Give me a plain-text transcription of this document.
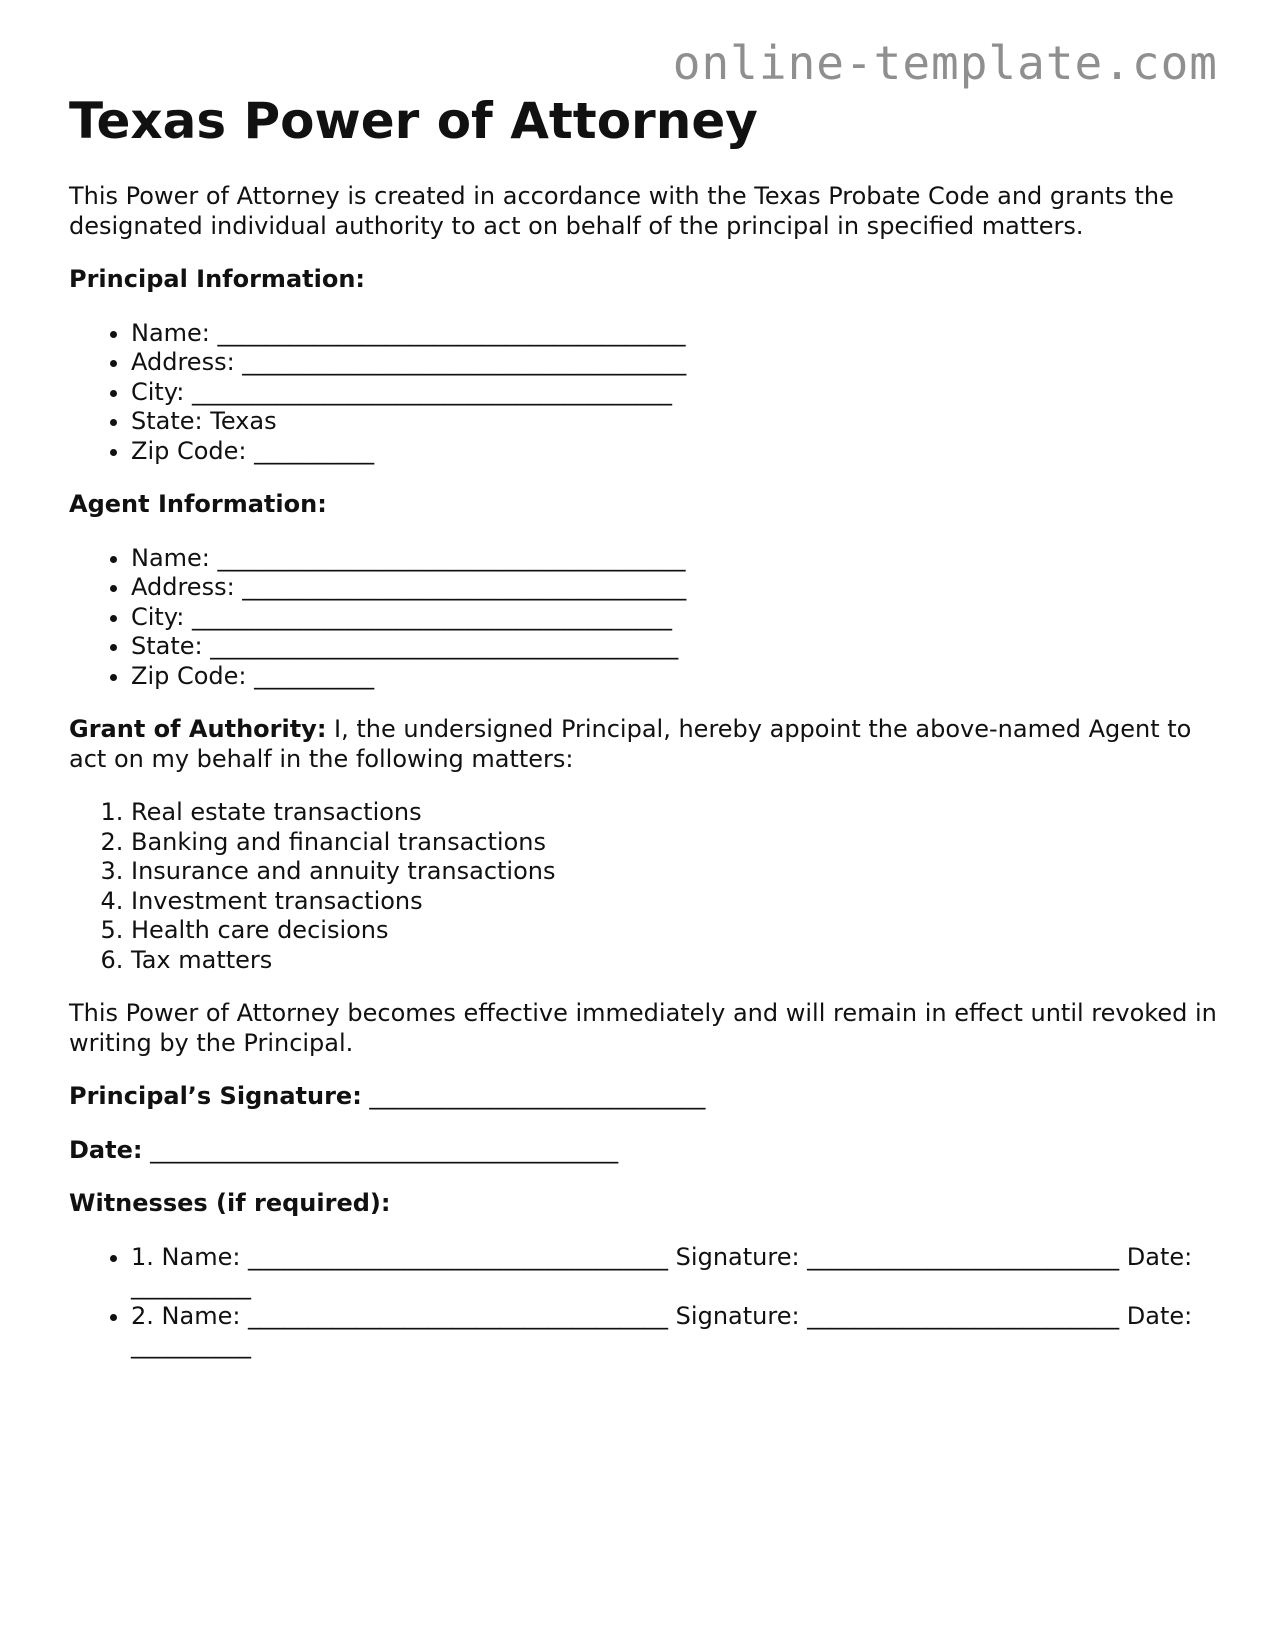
online-template.com
Texas Power of Attorney

This Power of Attorney is created in accordance with the Texas Probate Code and grants the designated individual authority to act on behalf of the principal in specified matters.

Principal Information:

• Name: _______________________________________
• Address: _____________________________________
• City: ________________________________________
• State: Texas
• Zip Code: __________

Agent Information:

• Name: _______________________________________
• Address: _____________________________________
• City: ________________________________________
• State: _______________________________________
• Zip Code: __________

Grant of Authority: I, the undersigned Principal, hereby appoint the above-named Agent to act on my behalf in the following matters:

1. Real estate transactions
2. Banking and financial transactions
3. Insurance and annuity transactions
4. Investment transactions
5. Health care decisions
6. Tax matters

This Power of Attorney becomes effective immediately and will remain in effect until revoked in writing by the Principal.

Principal’s Signature: ____________________________

Date: _______________________________________

Witnesses (if required):

• 1. Name: ___________________________________ Signature: __________________________ Date: __________
• 2. Name: ___________________________________ Signature: __________________________ Date: __________
